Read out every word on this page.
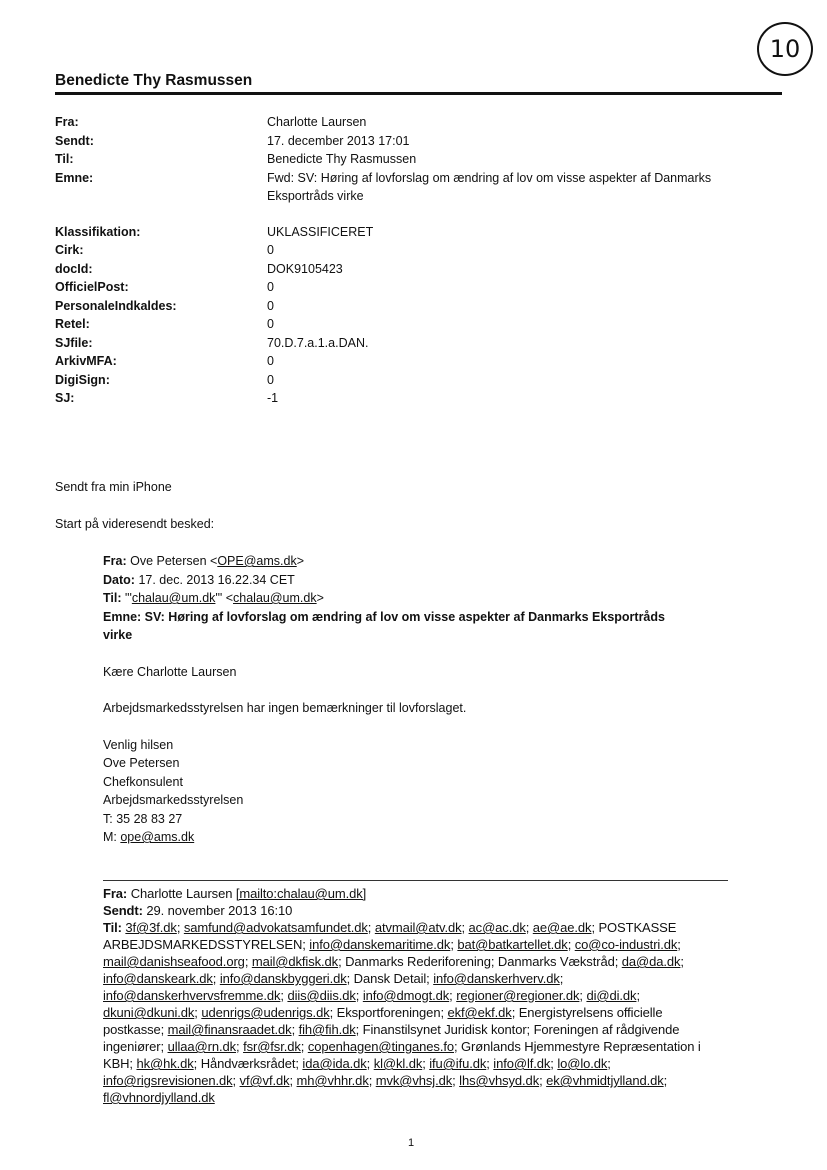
10
Benedicte Thy Rasmussen
Fra:	Charlotte Laursen
Sendt:	17. december 2013 17:01
Til:	Benedicte Thy Rasmussen
Emne:	Fwd: SV: Høring af lovforslag om ændring af lov om visse aspekter af Danmarks
Eksportråds virke
Klassifikation:	UKLASSIFICERET
Cirk:	0
docId:	DOK9105423
OfficielPost:	0
PersonaleIndkaldes:	0
Retel:	0
SJfile:	70.D.7.a.1.a.DAN.
ArkivMFA:	0
DigiSign:	0
SJ:	-1
Sendt fra min iPhone
Start på videresendt besked:
Fra: Ove Petersen <OPE@ams.dk>
Dato: 17. dec. 2013 16.22.34 CET
Til: "'chalau@um.dk'" <chalau@um.dk>
Emne: SV: Høring af lovforslag om ændring af lov om visse aspekter af Danmarks Eksportråds
virke
Kære Charlotte Laursen
Arbejdsmarkedsstyrelsen har ingen bemærkninger til lovforslaget.
Venlig hilsen
Ove Petersen
Chefkonsulent
Arbejdsmarkedsstyrelsen
T: 35 28 83 27
M: ope@ams.dk
Fra: Charlotte Laursen [mailto:chalau@um.dk]
Sendt: 29. november 2013 16:10
Til: 3f@3f.dk; samfund@advokatsamfundet.dk; atvmail@atv.dk; ac@ac.dk; ae@ae.dk; POSTKASSE ARBEJDSMARKEDSSTYRELSEN; info@danskemaritime.dk; bat@batkartellet.dk; co@co-industri.dk; mail@danishseafood.org; mail@dkfisk.dk; Danmarks Rederiforening; Danmarks Vækstråd; da@da.dk; info@danskeark.dk; info@danskbyggeri.dk; Dansk Detail; info@danskerhverv.dk; info@danskerhvervsfremme.dk; diis@diis.dk; info@dmogt.dk; regioner@regioner.dk; di@di.dk; dkuni@dkuni.dk; udenrigs@udenrigs.dk; Eksportforeningen; ekf@ekf.dk; Energistyrelsens officielle postkasse; mail@finansraadet.dk; fih@fih.dk; Finanstilsynet Juridisk kontor; Foreningen af rådgivende ingeniører; ullaa@rn.dk; fsr@fsr.dk; copenhagen@tinganes.fo; Grønlands Hjemmestyre Repræsentation i KBH; hk@hk.dk; Håndværksrådet; ida@ida.dk; kl@kl.dk; ifu@ifu.dk; info@lf.dk; lo@lo.dk; info@rigsrevisionen.dk; vf@vf.dk; mh@vhhr.dk; mvk@vhsj.dk; lhs@vhsyd.dk; ek@vhmidtjylland.dk; fl@vhnordjylland.dk
1
